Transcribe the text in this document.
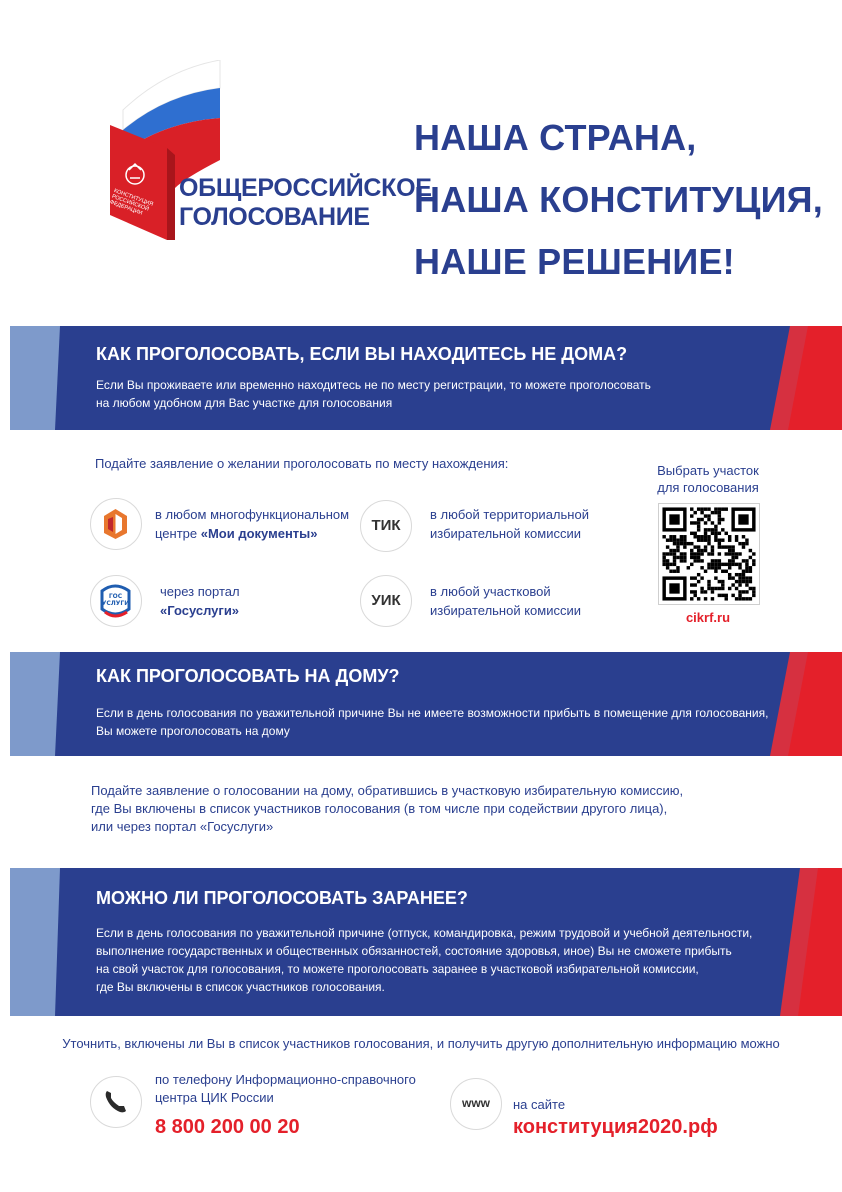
КОНСТИТУЦИЯ РОССИЙСКОЙ ФЕДЕРАЦИИ
ОБЩЕРОССИЙСКОЕ
ГОЛОСОВАНИЕ
НАША СТРАНА,
НАША КОНСТИТУЦИЯ,
НАШЕ РЕШЕНИЕ!
КАК ПРОГОЛОСОВАТЬ, ЕСЛИ ВЫ НАХОДИТЕСЬ НЕ ДОМА?
Если Вы проживаете или временно находитесь не по месту регистрации, то можете проголосовать
на любом удобном для Вас участке для голосования
Подайте заявление о желании проголосовать по месту нахождения:
в любом многофункциональном
центре «Мои документы»
ГОС
УСЛУГИ
через портал
«Госуслуги»
ТИК
в любой территориальной
избирательной комиссии
УИК
в любой участковой
избирательной комиссии
Выбрать участок
для голосования
cikrf.ru
КАК ПРОГОЛОСОВАТЬ НА ДОМУ?
Если в день голосования по уважительной причине Вы не имеете возможности прибыть в помещение для голосования,
Вы можете проголосовать на дому
Подайте заявление о голосовании на дому, обратившись в участковую избирательную комиссию,
где Вы включены в список участников голосования (в том числе при содействии другого лица),
или через портал «Госуслуги»
МОЖНО ЛИ ПРОГОЛОСОВАТЬ ЗАРАНЕЕ?
Если в день голосования по уважительной причине (отпуск, командировка, режим трудовой и учебной деятельности,
выполнение государственных и общественных обязанностей, состояние здоровья, иное) Вы не сможете прибыть
на свой участок для голосования, то можете проголосовать заранее в участковой избирательной комиссии,
где Вы включены в список участников голосования.
Уточнить, включены ли Вы в список участников голосования, и получить другую дополнительную информацию можно
по телефону Информационно-справочного
центра ЦИК России
8 800 200 00 20
www	на сайте
конституция2020.рф
